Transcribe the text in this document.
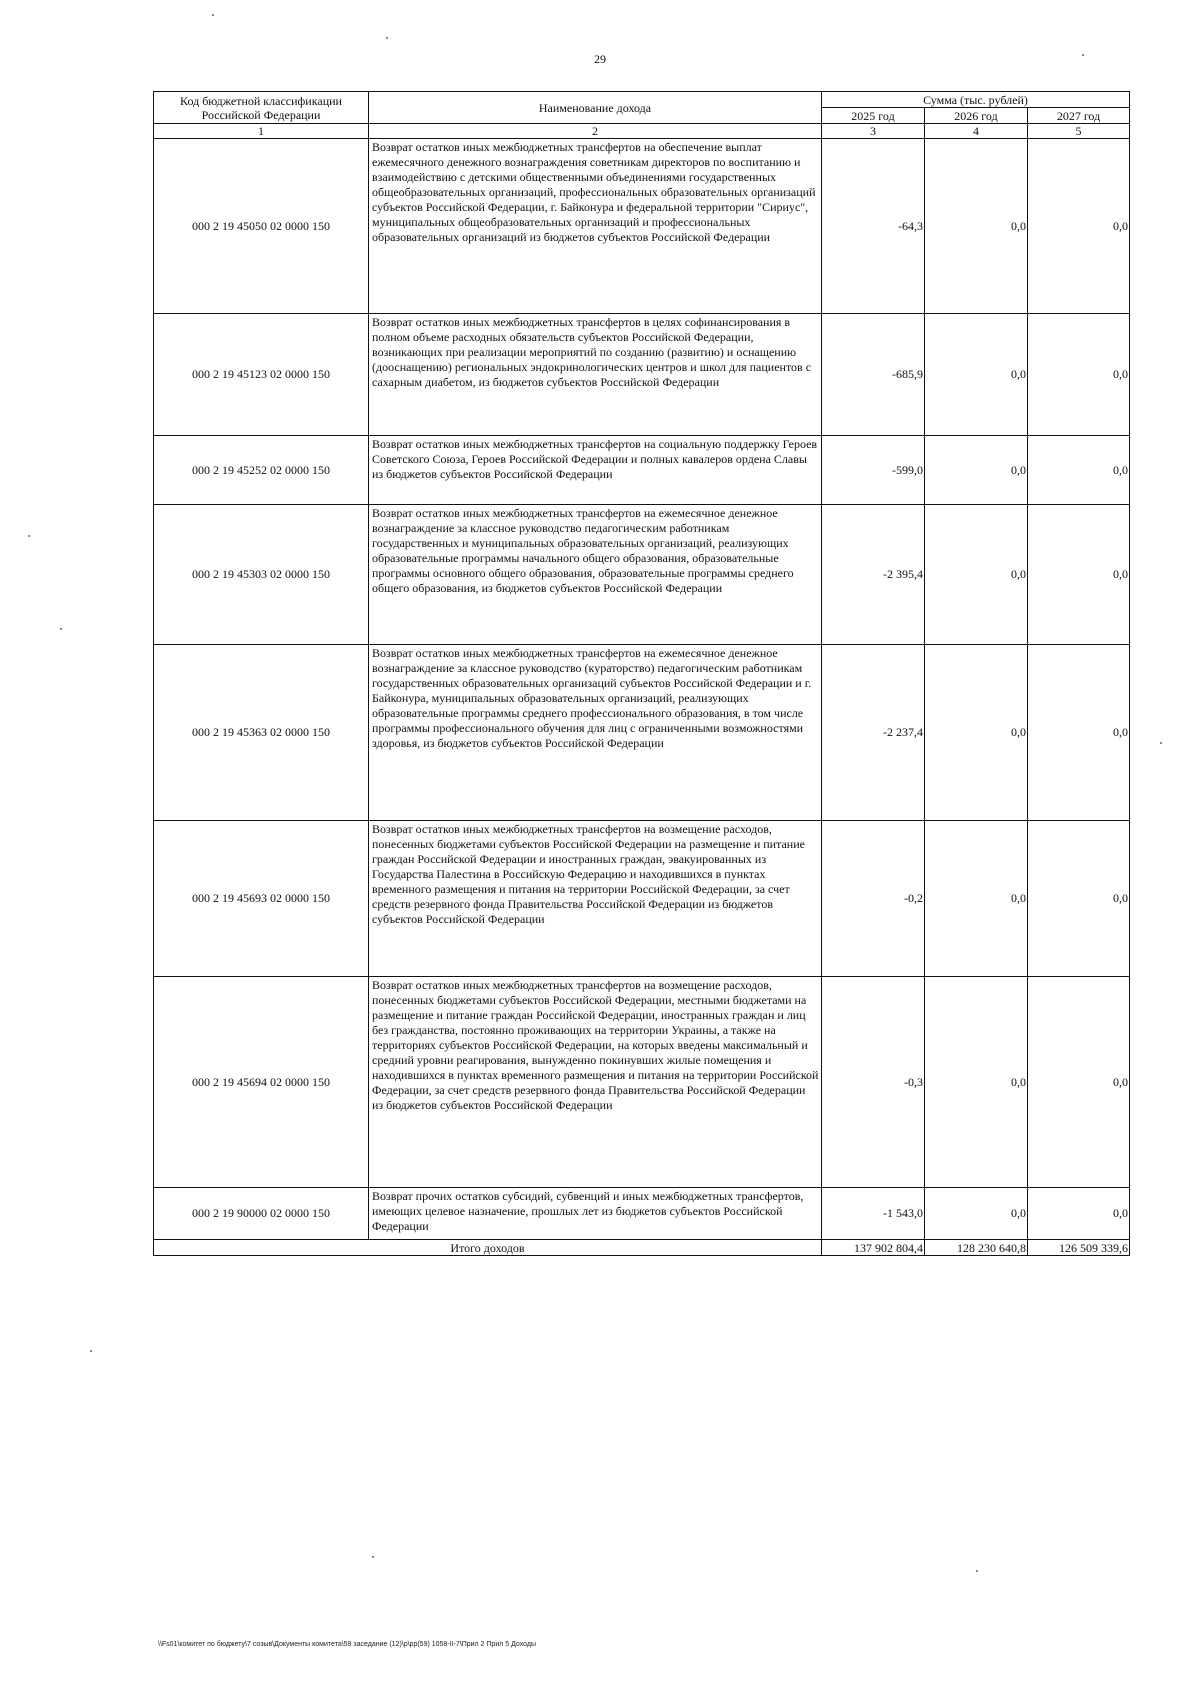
29
Код бюджетной классификации Российской Федерации	Наименование дохода	Сумма (тыс. рублей)		
		2025 год	2026 год	2027 год
1	2	3	4	5
000 2 19 45050 02 0000 150	Возврат остатков иных межбюджетных трансфертов на обеспечение выплат ежемесячного денежного вознаграждения советникам директоров по воспитанию и взаимодействию с детскими общественными объединениями государственных общеобразовательных организаций, профессиональных образовательных организаций субъектов Российской Федерации, г. Байконура и федеральной территории "Сириус", муниципальных общеобразовательных организаций и профессиональных образовательных организаций из бюджетов субъектов Российской Федерации	-64,3	0,0	0,0
000 2 19 45123 02 0000 150	Возврат остатков иных межбюджетных трансфертов в целях софинансирования в полном объеме расходных обязательств субъектов Российской Федерации, возникающих при реализации мероприятий по созданию (развитию) и оснащению (дооснащению) региональных эндокринологических центров и школ для пациентов с сахарным диабетом, из бюджетов субъектов Российской Федерации	-685,9	0,0	0,0
000 2 19 45252 02 0000 150	Возврат остатков иных межбюджетных трансфертов на социальную поддержку Героев Советского Союза, Героев Российской Федерации и полных кавалеров ордена Славы из бюджетов субъектов Российской Федерации	-599,0	0,0	0,0
000 2 19 45303 02 0000 150	Возврат остатков иных межбюджетных трансфертов на ежемесячное денежное вознаграждение за классное руководство педагогическим работникам государственных и муниципальных образовательных организаций, реализующих образовательные программы начального общего образования, образовательные программы основного общего образования, образовательные программы среднего общего образования, из бюджетов субъектов Российской Федерации	-2 395,4	0,0	0,0
000 2 19 45363 02 0000 150	Возврат остатков иных межбюджетных трансфертов на ежемесячное денежное вознаграждение за классное руководство (кураторство) педагогическим работникам государственных образовательных организаций субъектов Российской Федерации и г. Байконура, муниципальных образовательных организаций, реализующих образовательные программы среднего профессионального образования, в том числе программы профессионального обучения для лиц с ограниченными возможностями здоровья, из бюджетов субъектов Российской Федерации	-2 237,4	0,0	0,0
000 2 19 45693 02 0000 150	Возврат остатков иных межбюджетных трансфертов на возмещение расходов, понесенных бюджетами субъектов Российской Федерации на размещение и питание граждан Российской Федерации и иностранных граждан, эвакуированных из Государства Палестина в Российскую Федерацию и находившихся в пунктах временного размещения и питания на территории Российской Федерации, за счет средств резервного фонда Правительства Российской Федерации из бюджетов субъектов Российской Федерации	-0,2	0,0	0,0
000 2 19 45694 02 0000 150	Возврат остатков иных межбюджетных трансфертов на возмещение расходов, понесенных бюджетами субъектов Российской Федерации, местными бюджетами на размещение и питание граждан Российской Федерации, иностранных граждан и лиц без гражданства, постоянно проживающих на территории Украины, а также на территориях субъектов Российской Федерации, на которых введены максимальный и средний уровни реагирования, вынужденно покинувших жилые помещения и находившихся в пунктах временного размещения и питания на территории Российской Федерации, за счет средств резервного фонда Правительства Российской Федерации из бюджетов субъектов Российской Федерации	-0,3	0,0	0,0
000 2 19 90000 02 0000 150	Возврат прочих остатков субсидий, субвенций и иных межбюджетных трансфертов, имеющих целевое назначение, прошлых лет из бюджетов субъектов Российской Федерации	-1 543,0	0,0	0,0
Итого доходов		137 902 804,4	128 230 640,8	126 509 339,6
\\Fs01\комитет по бюджету\7 созыв\Документы комитета\59 заседание (12)\р\рр(59) 1058-II-7\Прил 2 Прил 5 Доходы
